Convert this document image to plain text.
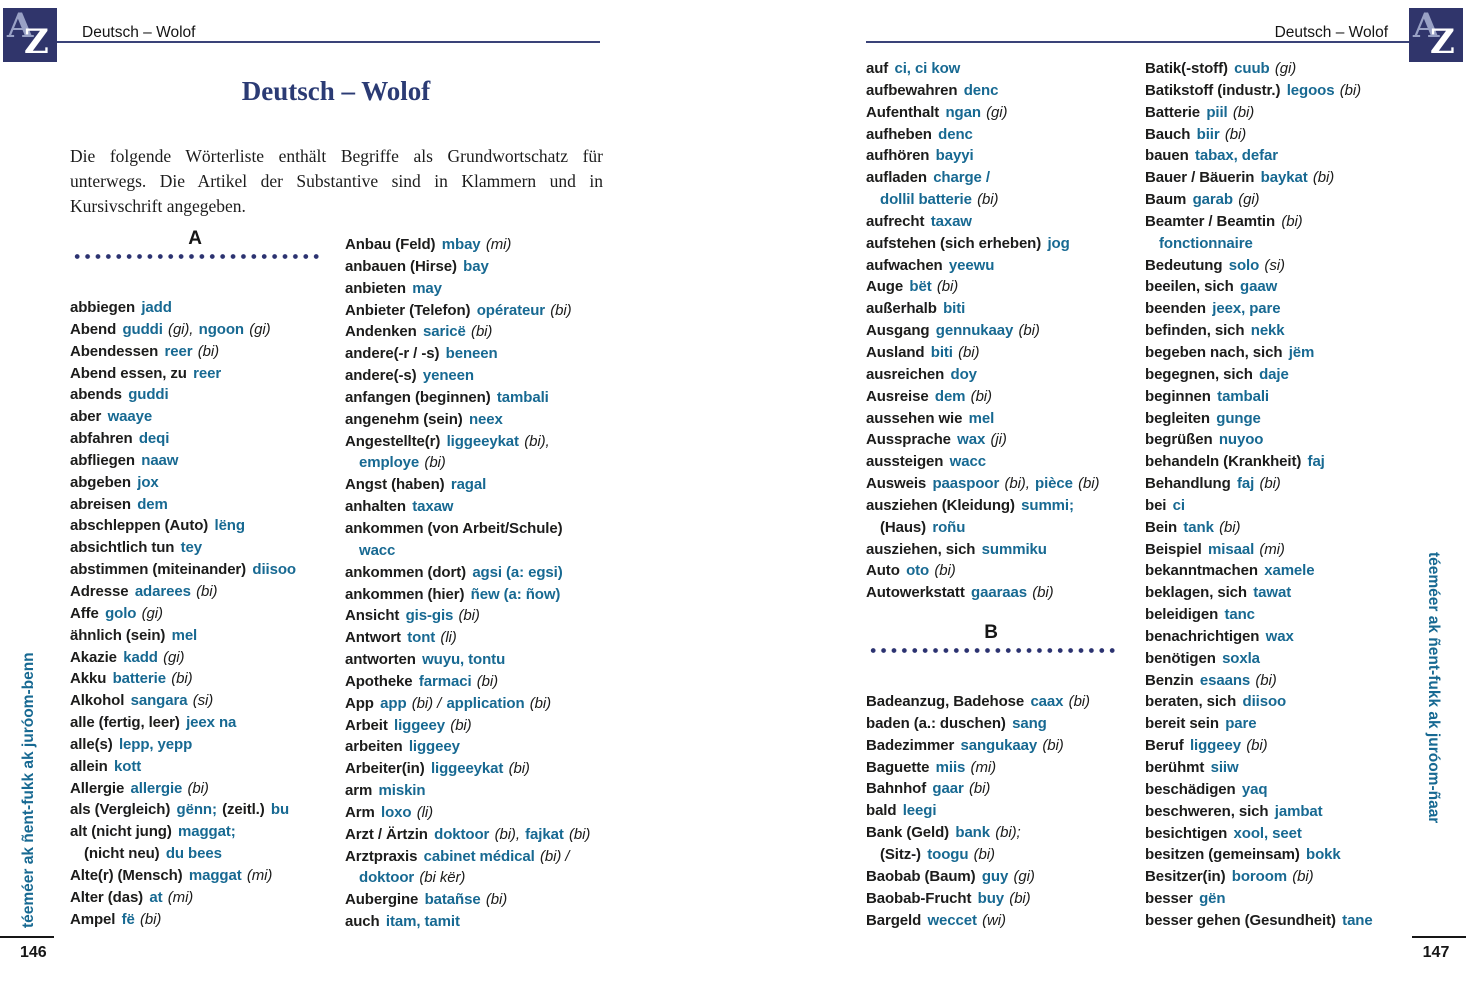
A
Z Deutsch – Wolof
Deutsch – Wolof
Die folgende Wörterliste enthält Begriffe als Grundwortschatz für unterwegs. Die Artikel der Substantive sind in Klammern und in Kursivschrift angegeben.
A
abbiegen jadd
Abend guddi (gi), ngoon (gi)
Abendessen reer (bi)
Abend essen, zu reer
abends guddi
aber waaye
abfahren deqi
abfliegen naaw
abgeben jox
abreisen dem
abschleppen (Auto) lëng
absichtlich tun tey
abstimmen (miteinander) diisoo
Adresse adarees (bi)
Affe golo (gi)
ähnlich (sein) mel
Akazie kadd (gi)
Akku batterie (bi)
Alkohol sangara (si)
alle (fertig, leer) jeex na
alle(s) lepp, yepp
allein kott
Allergie allergie (bi)
als (Vergleich) gënn; (zeitl.) bu
alt (nicht jung) maggat;
(nicht neu) du bees
Alte(r) (Mensch) maggat (mi)
Alter (das) at (mi)
Ampel fë (bi)
Anbau (Feld) mbay (mi)
anbauen (Hirse) bay
anbieten may
Anbieter (Telefon) opérateur (bi)
Andenken saricë (bi)
andere(-r / -s) beneen
andere(-s) yeneen
anfangen (beginnen) tambali
angenehm (sein) neex
Angestellte(r) liggeeykat (bi),
employe (bi)
Angst (haben) ragal
anhalten taxaw
ankommen (von Arbeit/Schule)
wacc
ankommen (dort) agsi (a: egsi)
ankommen (hier) ñew (a: ñow)
Ansicht gis-gis (bi)
Antwort tont (li)
antworten wuyu, tontu
Apotheke farmaci (bi)
App app (bi) / application (bi)
Arbeit liggeey (bi)
arbeiten liggeey
Arbeiter(in) liggeeykat (bi)
arm miskin
Arm loxo (li)
Arzt / Ärtzin doktoor (bi), fajkat (bi)
Arztpraxis cabinet médical (bi) /
doktoor (bi kër)
Aubergine batañse (bi)
auch itam, tamit
téeméer ak ñent-fukk ak juróom-benn
146
Deutsch – Wolof A
Z
auf ci, ci kow
aufbewahren denc
Aufenthalt ngan (gi)
aufheben denc
aufhören bayyi
aufladen charge /
dollil batterie (bi)
aufrecht taxaw
aufstehen (sich erheben) jog
aufwachen yeewu
Auge bët (bi)
außerhalb biti
Ausgang gennukaay (bi)
Ausland biti (bi)
ausreichen doy
Ausreise dem (bi)
aussehen wie mel
Aussprache wax (ji)
aussteigen wacc
Ausweis paaspoor (bi), pièce (bi)
ausziehen (Kleidung) summi;
(Haus) roñu
ausziehen, sich summiku
Auto oto (bi)
Autowerkstatt gaaraas (bi)
B
Badeanzug, Badehose caax (bi)
baden (a.: duschen) sang
Badezimmer sangukaay (bi)
Baguette miis (mi)
Bahnhof gaar (bi)
bald leegi
Bank (Geld) bank (bi);
(Sitz-) toogu (bi)
Baobab (Baum) guy (gi)
Baobab-Frucht buy (bi)
Bargeld weccet (wi)
Batik(-stoff) cuub (gi)
Batikstoff (industr.) legoos (bi)
Batterie piil (bi)
Bauch biir (bi)
bauen tabax, defar
Bauer / Bäuerin baykat (bi)
Baum garab (gi)
Beamter / Beamtin (bi)
fonctionnaire
Bedeutung solo (si)
beeilen, sich gaaw
beenden jeex, pare
befinden, sich nekk
begeben nach, sich jëm
begegnen, sich daje
beginnen tambali
begleiten gunge
begrüßen nuyoo
behandeln (Krankheit) faj
Behandlung faj (bi)
bei ci
Bein tank (bi)
Beispiel misaal (mi)
bekanntmachen xamele
beklagen, sich tawat
beleidigen tanc
benachrichtigen wax
benötigen soxla
Benzin esaans (bi)
beraten, sich diisoo
bereit sein pare
Beruf liggeey (bi)
berühmt siiw
beschädigen yaq
beschweren, sich jambat
besichtigen xool, seet
besitzen (gemeinsam) bokk
Besitzer(in) boroom (bi)
besser gën
besser gehen (Gesundheit) tane
téeméer ak ñent-fukk ak juróom-ñaar
147
